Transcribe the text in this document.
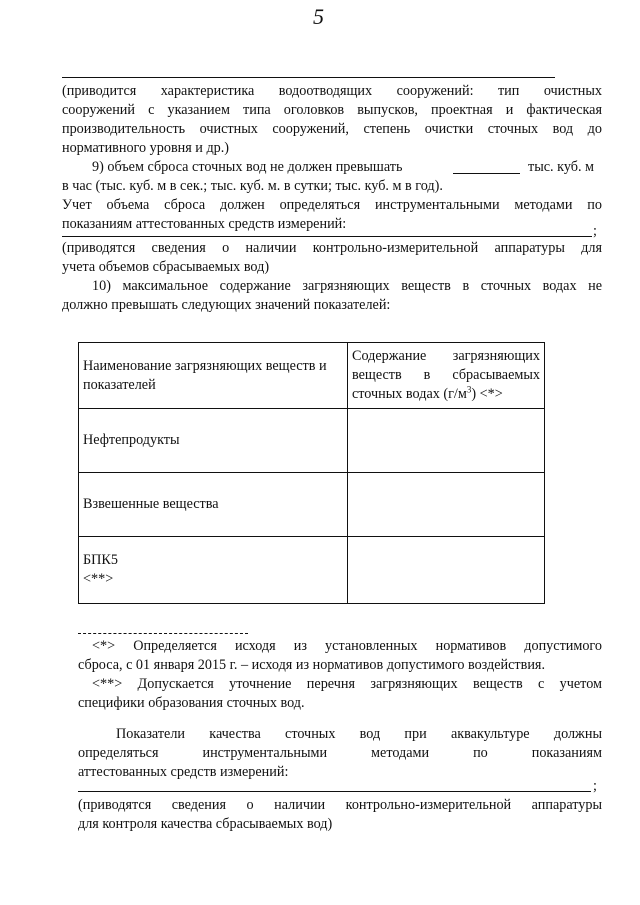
5

(приводится характеристика водоотводящих сооружений: тип очистных

сооружений с указанием типа оголовков выпусков, проектная и фактическая

производительность очистных сооружений, степень очистки сточных вод до

нормативного уровня и др.)

9) объем сброса сточных вод не должен превышать	тыс. куб. м

в час (тыс. куб. м в сек.; тыс. куб. м. в сутки; тыс. куб. м в год).

Учет объема сброса должен определяться инструментальными методами по

показаниям аттестованных средств измерений:	;

(приводятся сведения о наличии контрольно-измерительной аппаратуры для

учета объемов сбрасываемых вод)

10) максимальное содержание загрязняющих веществ в сточных водах не

должно превышать следующих значений показателей:

Наименование загрязняющих веществ и показателей	Содержание загрязняющих
веществ в сбрасываемых
сточных водах $(г/м^3)$ <*>

Нефтепродукты	
Взвешенные вещества	

БПК5
<**>	

<*> Определяется исходя из установленных нормативов допустимого

сброса, с 01 января 2015 г. – исходя из нормативов допустимого воздействия.

<**> Допускается уточнение перечня загрязняющих веществ с учетом

специфики образования сточных вод.

Показатели качества сточных вод при аквакультуре должны

определяться инструментальными методами по показаниям

аттестованных средств измерений:

;

(приводятся сведения о наличии контрольно-измерительной аппаратуры

для контроля качества сбрасываемых вод)
